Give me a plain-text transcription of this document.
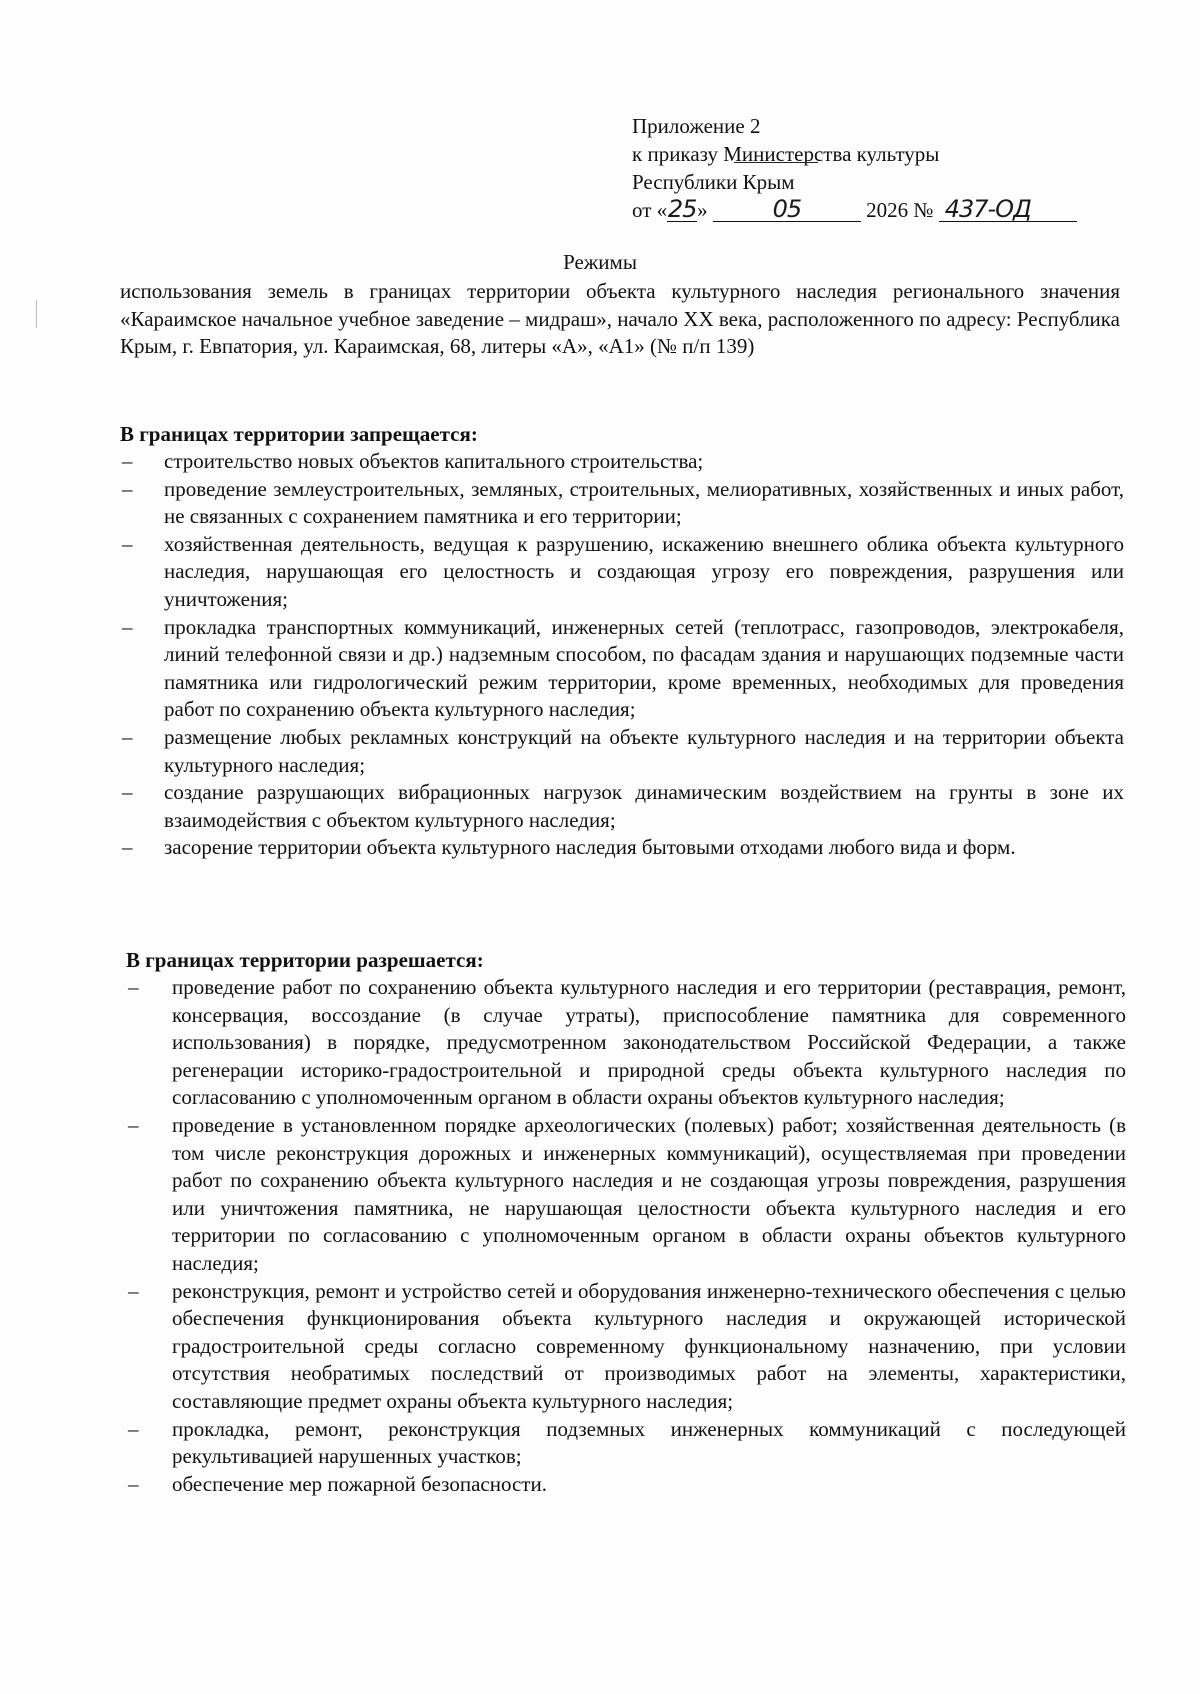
Приложение 2
к приказу Министерства культуры
Республики Крым
от «25»	05	2026 № 437-ОД
Режимы
использования земель в границах территории объекта культурного наследия регионального значения «Караимское начальное учебное заведение – мидраш», начало XX века, расположенного по адресу: Республика Крым, г. Евпатория, ул. Караимская, 68, литеры «А», «А1» (№ п/п 139)
В границах территории запрещается:
–
строительство новых объектов капитального строительства;
–
проведение землеустроительных, земляных, строительных, мелиоративных, хозяйственных и иных работ, не связанных с сохранением памятника и его территории;
–
хозяйственная деятельность, ведущая к разрушению, искажению внешнего облика объекта культурного наследия, нарушающая его целостность и создающая угрозу его повреждения, разрушения или уничтожения;
–
прокладка транспортных коммуникаций, инженерных сетей (теплотрасс, газопроводов, электрокабеля, линий телефонной связи и др.) надземным способом, по фасадам здания и нарушающих подземные части памятника или гидрологический режим территории, кроме временных, необходимых для проведения работ по сохранению объекта культурного наследия;
–
размещение любых рекламных конструкций на объекте культурного наследия и на территории объекта культурного наследия;
–
создание разрушающих вибрационных нагрузок динамическим воздействием на грунты в зоне их взаимодействия с объектом культурного наследия;
–
засорение территории объекта культурного наследия бытовыми отходами любого вида и форм.
В границах территории разрешается:
–
проведение работ по сохранению объекта культурного наследия и его территории (реставрация, ремонт, консервация, воссоздание (в случае утраты), приспособление памятника для современного использования) в порядке, предусмотренном законодательством Российской Федерации, а также регенерации историко-градостроительной и природной среды объекта культурного наследия по согласованию с уполномоченным органом в области охраны объектов культурного наследия;
–
проведение в установленном порядке археологических (полевых) работ; хозяйственная деятельность (в том числе реконструкция дорожных и инженерных коммуникаций), осуществляемая при проведении работ по сохранению объекта культурного наследия и не создающая угрозы повреждения, разрушения или уничтожения памятника, не нарушающая целостности объекта культурного наследия и его территории по согласованию с уполномоченным органом в области охраны объектов культурного наследия;
–
реконструкция, ремонт и устройство сетей и оборудования инженерно-технического обеспечения с целью обеспечения функционирования объекта культурного наследия и окружающей исторической градостроительной среды согласно современному функциональному назначению, при условии отсутствия необратимых последствий от производимых работ на элементы, характеристики, составляющие предмет охраны объекта культурного наследия;
–
прокладка, ремонт, реконструкция подземных инженерных коммуникаций с последующей рекультивацией нарушенных участков;
–
обеспечение мер пожарной безопасности.
